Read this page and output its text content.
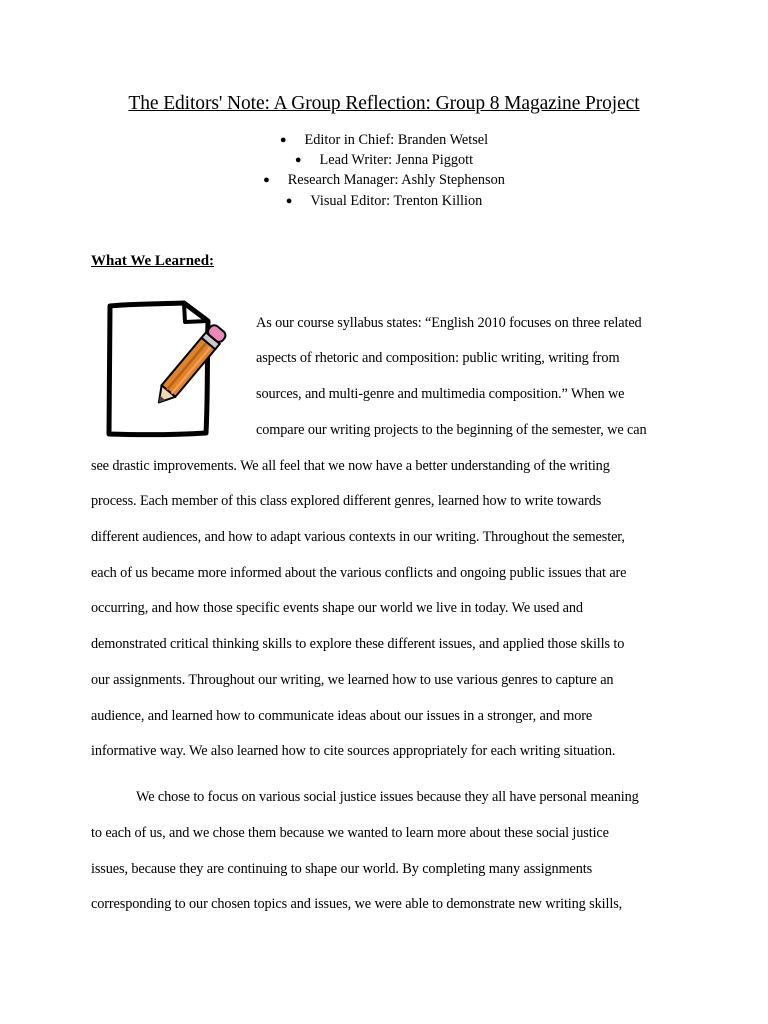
The Editors' Note: A Group Reflection: Group 8 Magazine Project
● Editor in Chief: Branden Wetsel
● Lead Writer: Jenna Piggott
● Research Manager: Ashly Stephenson
● Visual Editor: Trenton Killion
What We Learned:
As our course syllabus states: “English 2010 focuses on three related
aspects of rhetoric and composition: public writing, writing from
sources, and multi-genre and multimedia composition.” When we
compare our writing projects to the beginning of the semester, we can
see drastic improvements. We all feel that we now have a better understanding of the writing
process. Each member of this class explored different genres, learned how to write towards
different audiences, and how to adapt various contexts in our writing. Throughout the semester,
each of us became more informed about the various conflicts and ongoing public issues that are
occurring, and how those specific events shape our world we live in today. We used and
demonstrated critical thinking skills to explore these different issues, and applied those skills to
our assignments. Throughout our writing, we learned how to use various genres to capture an
audience, and learned how to communicate ideas about our issues in a stronger, and more
informative way. We also learned how to cite sources appropriately for each writing situation.
We chose to focus on various social justice issues because they all have personal meaning
to each of us, and we chose them because we wanted to learn more about these social justice
issues, because they are continuing to shape our world. By completing many assignments
corresponding to our chosen topics and issues, we were able to demonstrate new writing skills,
